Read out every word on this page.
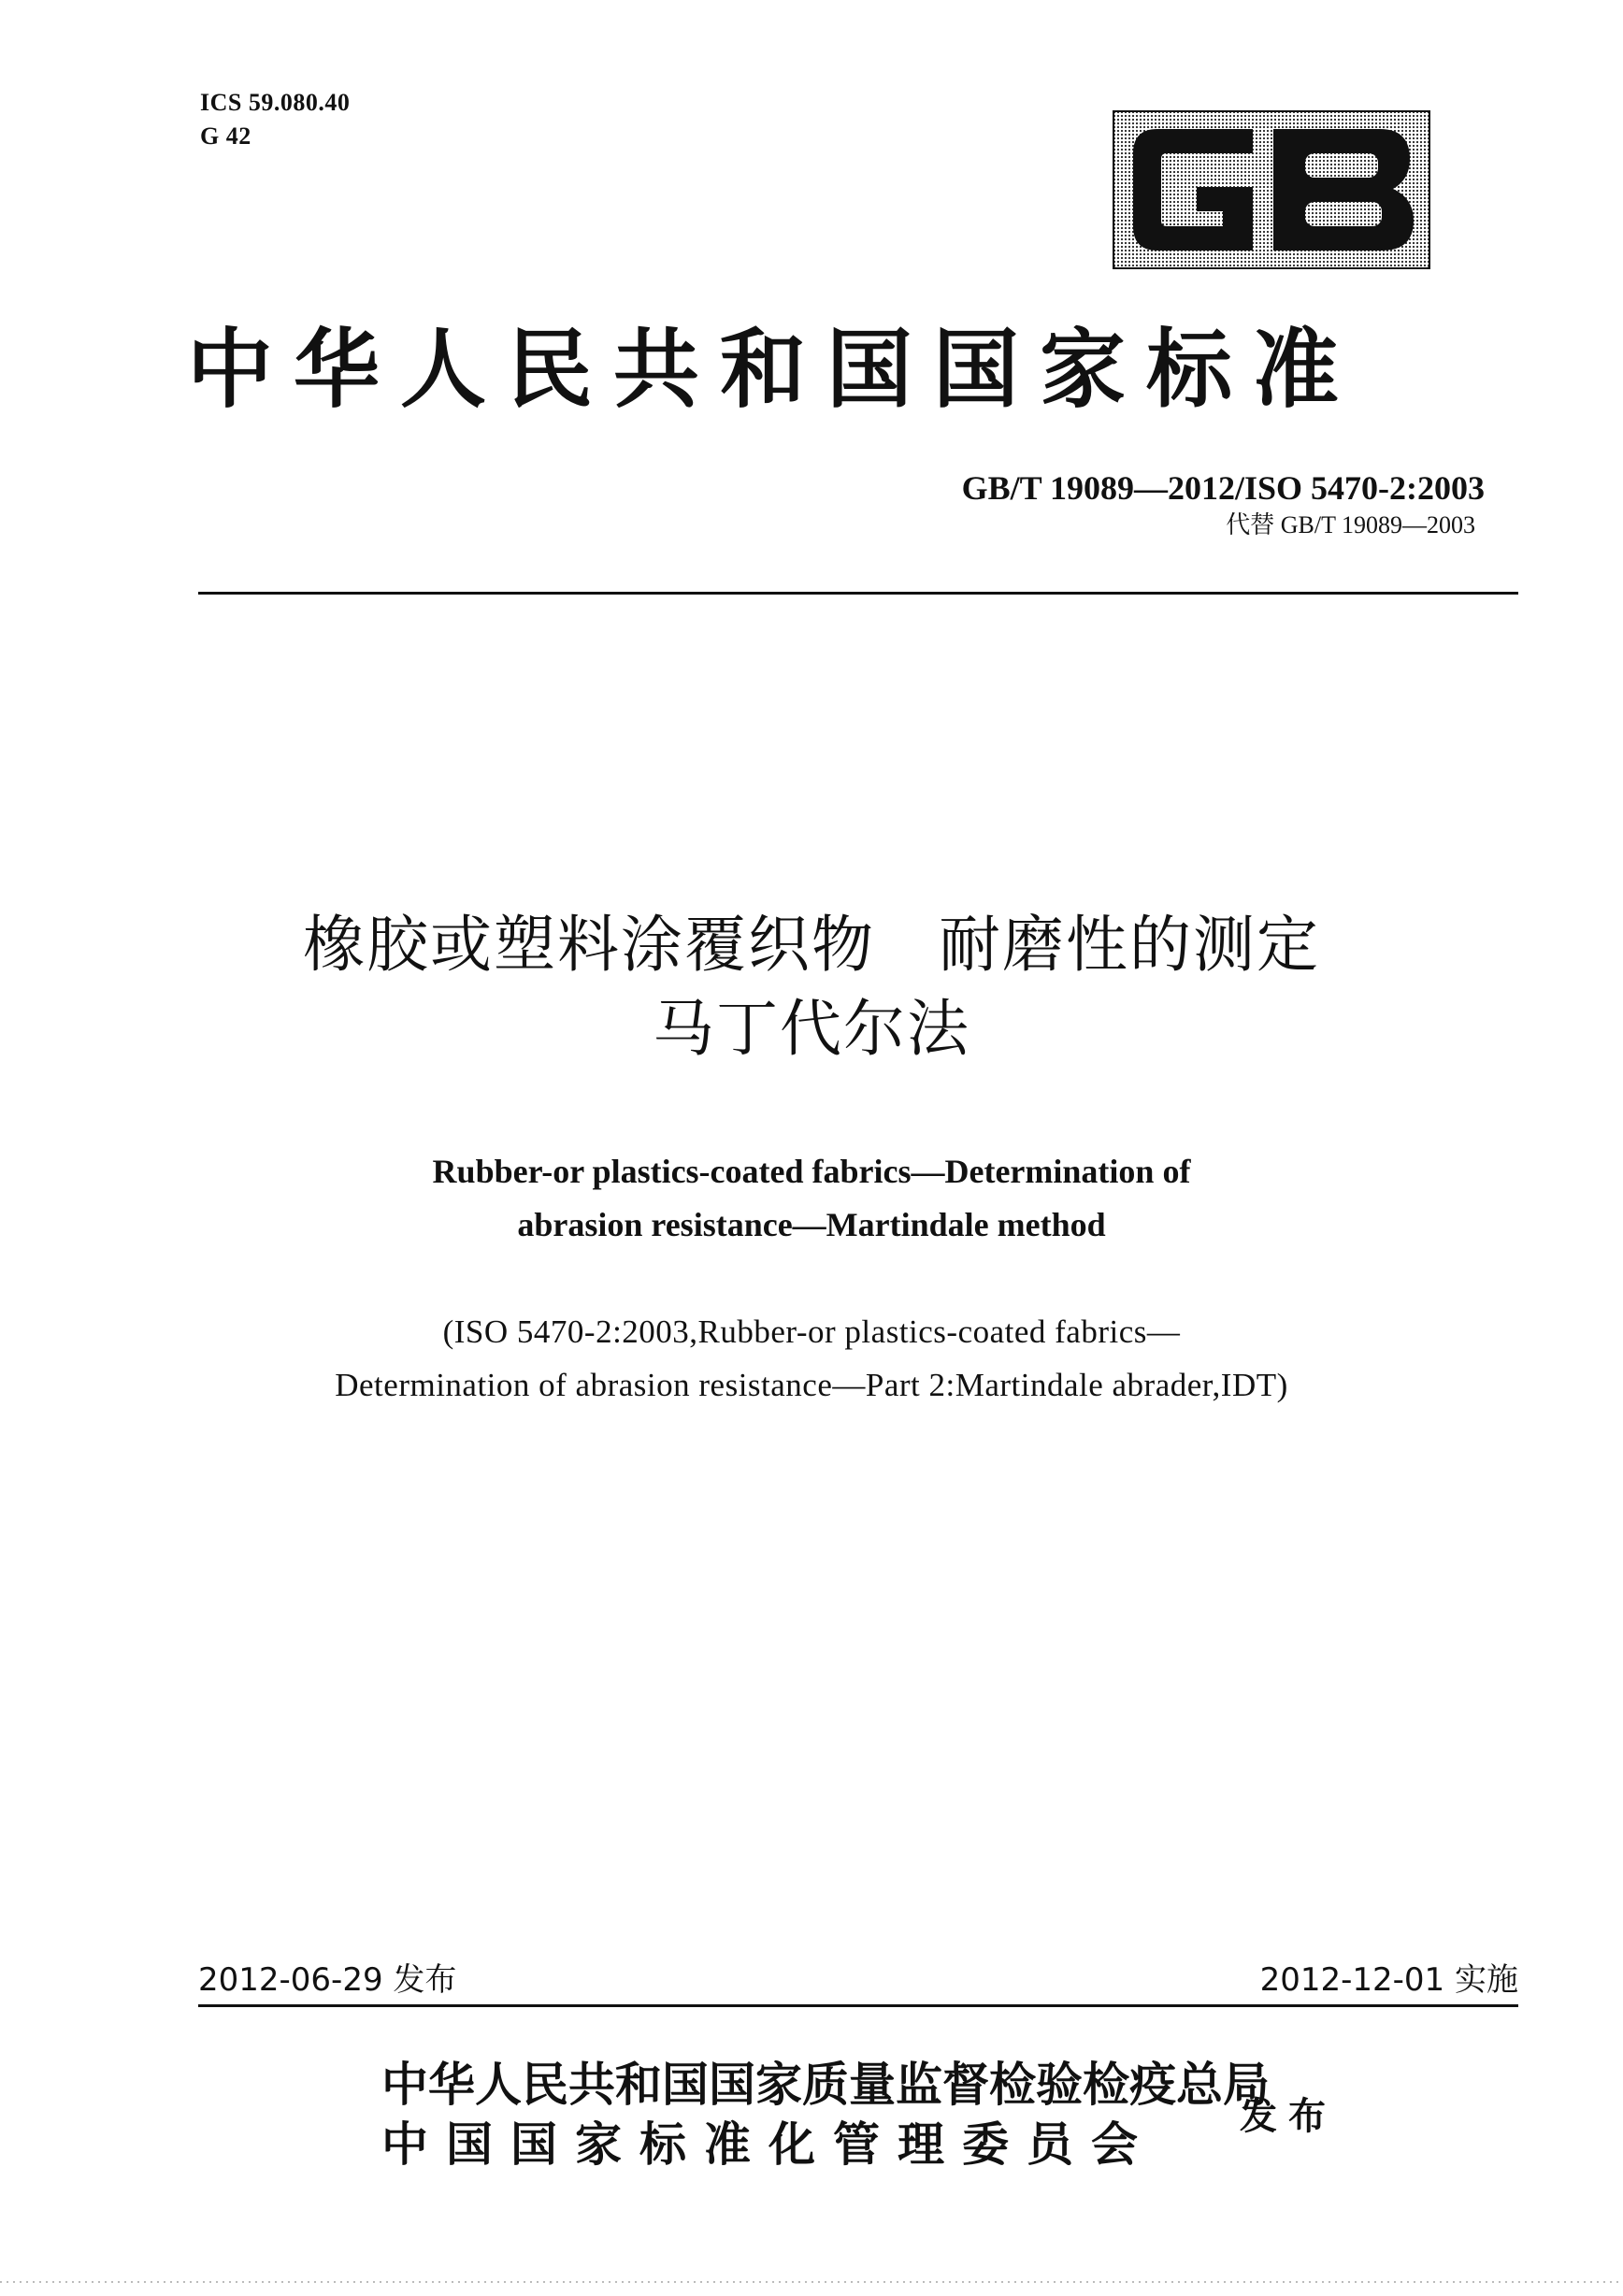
ICS 59.080.40
G 42
中华人民共和国国家标准
GB/T 19089—2012/ISO 5470-2:2003
代替 GB/T 19089—2003
橡胶或塑料涂覆织物　耐磨性的测定
马丁代尔法
Rubber-or plastics-coated fabrics—Determination of
abrasion resistance—Martindale method
(ISO 5470-2:2003,Rubber-or plastics-coated fabrics—
Determination of abrasion resistance—Part 2:Martindale abrader,IDT)
2012-06-29 发布	2012-12-01 实施
中华人民共和国国家质量监督检验检疫总局
中国国家标准化管理委员会
发布
